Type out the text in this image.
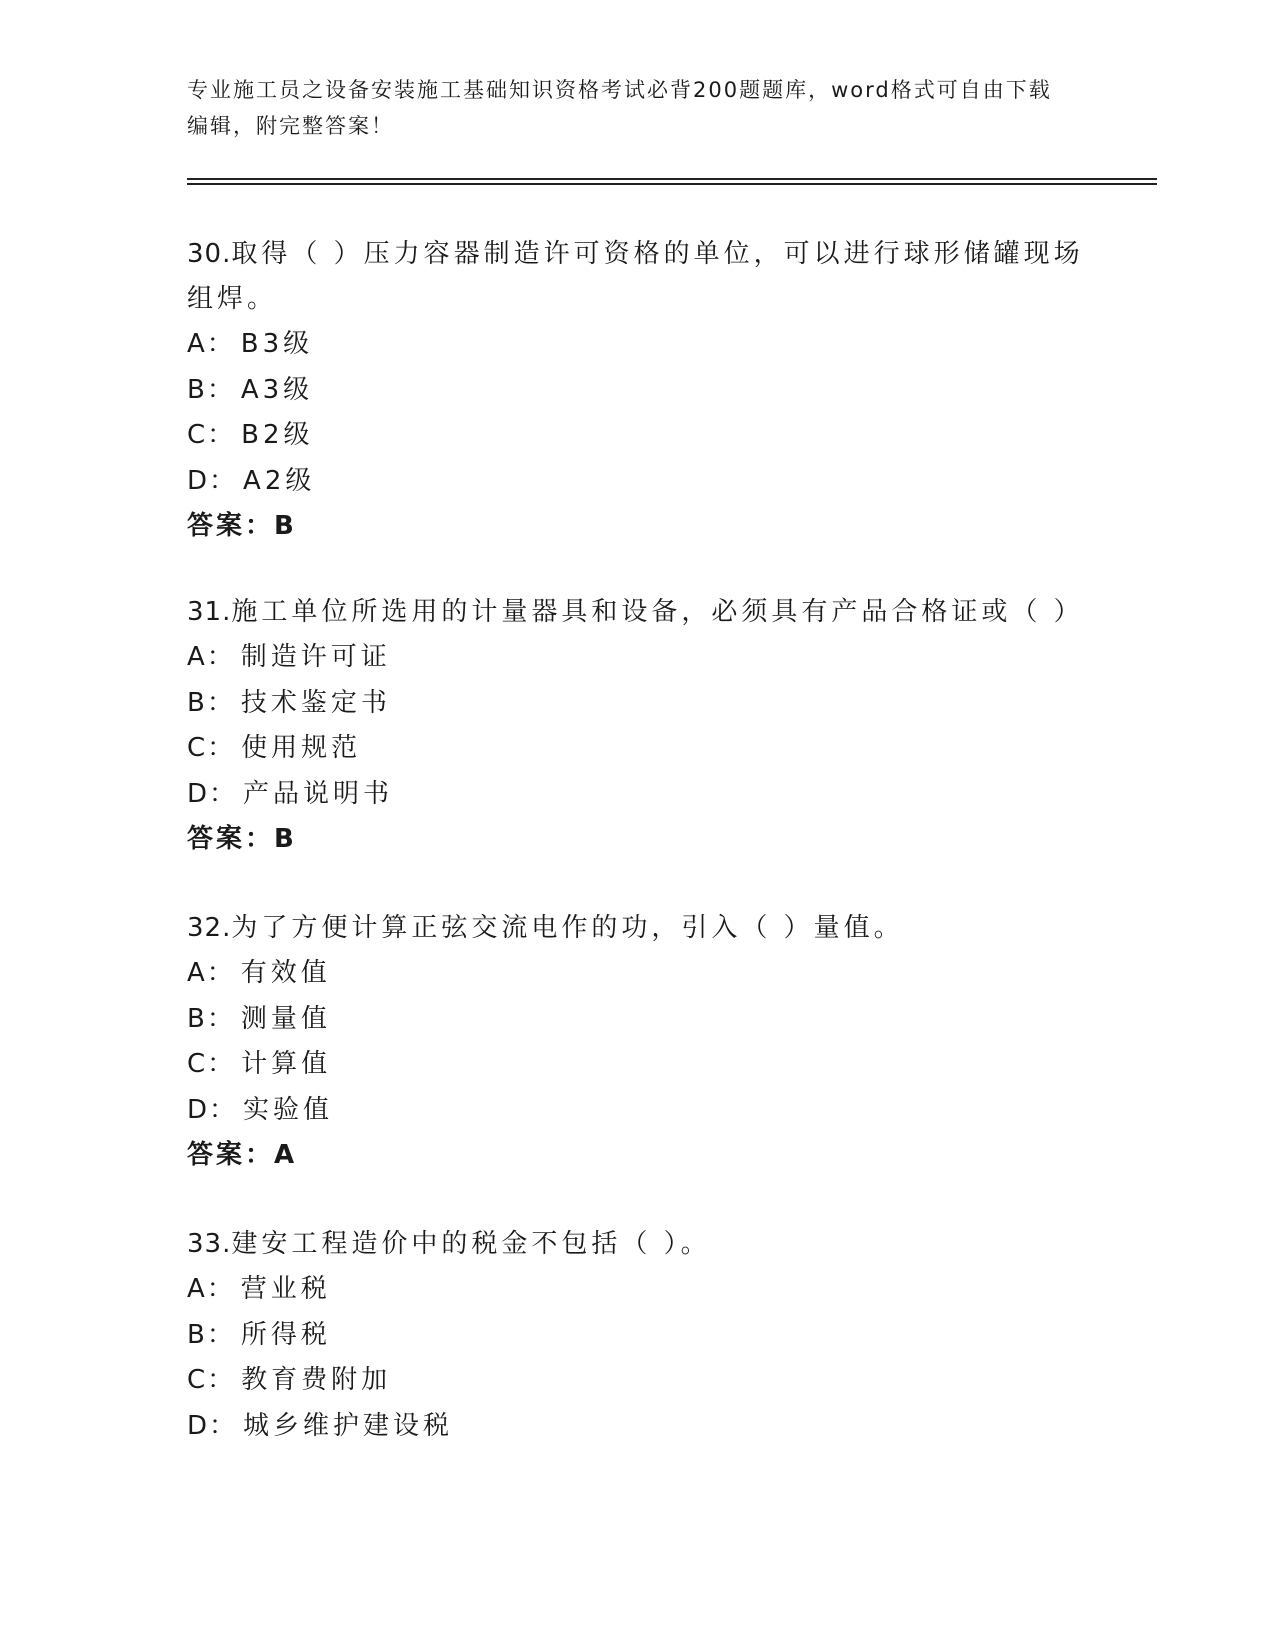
专业施工员之设备安装施工基础知识资格考试必背200题题库，word格式可自由下载编辑，附完整答案！

30.取得（ ）压力容器制造许可资格的单位，可以进行球形储罐现场组焊。

A： B3级
B： A3级
C： B2级
D： A2级
答案：B

31.施工单位所选用的计量器具和设备，必须具有产品合格证或（ ）

A： 制造许可证
B： 技术鉴定书
C： 使用规范
D： 产品说明书
答案：B

32.为了方便计算正弦交流电作的功，引入（ ）量值。

A： 有效值
B： 测量值
C： 计算值
D： 实验值
答案：A

33.建安工程造价中的税金不包括（ ）。

A： 营业税
B： 所得税
C： 教育费附加
D： 城乡维护建设税
